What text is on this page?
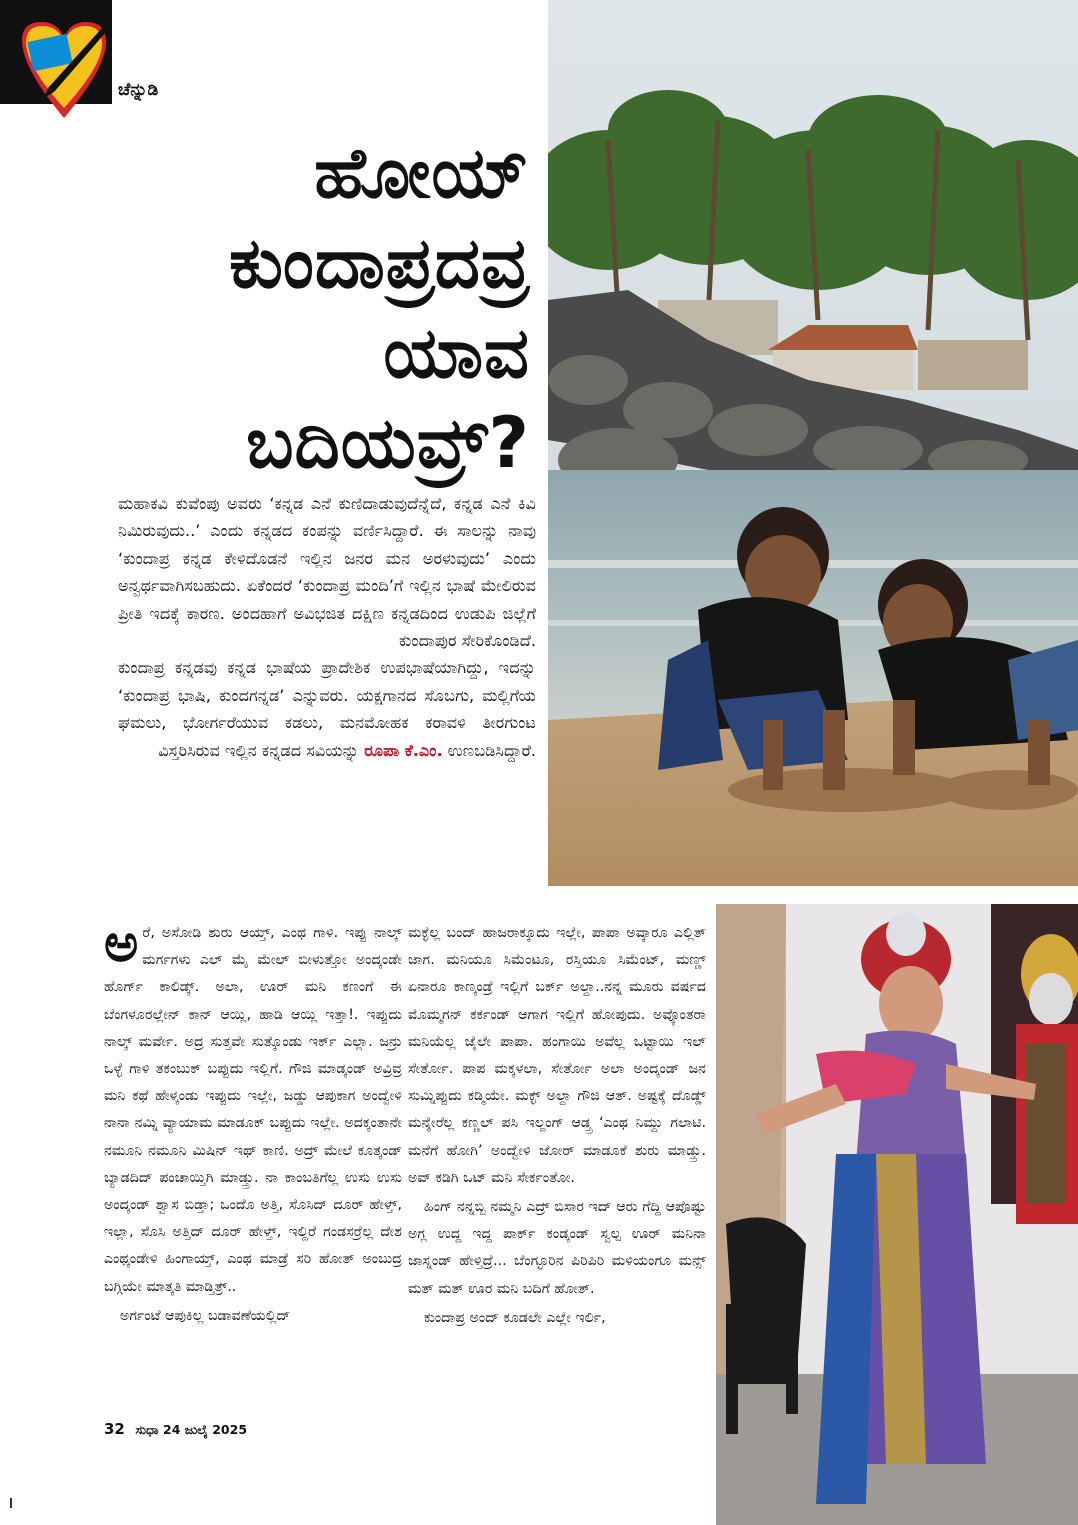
ಚೆನ್ನುಡಿ
ಹೋಯ್
ಕುಂದಾಪ್ರದವ್ರ
ಯಾವ
ಬದಿಯವ್ರ್?

ಮಹಾಕವಿ ಕುವೆಂಪು ಅವರು ‘ಕನ್ನಡ ಎನೆ ಕುಣಿದಾಡುವುದೆನ್ನೆದೆ, ಕನ್ನಡ ಎನೆ ಕಿವಿ ನಿಮಿರುವುದು..’ ಎಂದು ಕನ್ನಡದ ಕಂಪನ್ನು ವರ್ಣಿಸಿದ್ದಾರೆ. ಈ ಸಾಲನ್ನು ನಾವು ‘ಕುಂದಾಪ್ರ ಕನ್ನಡ ಕೇಳಿದೊಡನೆ ಇಲ್ಲಿನ ಜನರ ಮನ ಅರಳುವುದು’ ಎಂದು ಅನ್ವರ್ಥವಾಗಿಸಬಹುದು. ಏಕೆಂದರೆ ‘ಕುಂದಾಪ್ರ ಮಂದಿ’ಗೆ ಇಲ್ಲಿನ ಭಾಷೆ ಮೇಲಿರುವ ಪ್ರೀತಿ ಇದಕ್ಕೆ ಕಾರಣ. ಅಂದಹಾಗೆ ಅವಿಭಜಿತ ದಕ್ಷಿಣ ಕನ್ನಡದಿಂದ ಉಡುಪಿ ಜಿಲ್ಲೆಗೆ ಕುಂದಾಪುರ ಸೇರಿಕೊಂಡಿದೆ.

ಕುಂದಾಪ್ರ ಕನ್ನಡವು ಕನ್ನಡ ಭಾಷೆಯ ಪ್ರಾದೇಶಿಕ ಉಪಭಾಷೆಯಾಗಿದ್ದು, ಇದನ್ನು ‘ಕುಂದಾಪ್ರ ಭಾಷಿ, ಕುಂದಗನ್ನಡ’ ಎನ್ನುವರು. ಯಕ್ಷಗಾನದ ಸೊಬಗು, ಮಲ್ಲಿಗೆಯ ಘಮಲು, ಭೋರ್ಗರೆಯುವ ಕಡಲು, ಮನಮೋಹಕ ಕರಾವಳಿ ತೀರಗುಂಟ ವಿಸ್ತರಿಸಿರುವ ಇಲ್ಲಿನ ಕನ್ನಡದ ಸವಿಯನ್ನು ರೂಪಾ ಕೆ.ಎಂ. ಉಣಬಡಿಸಿದ್ದಾರೆ.

ಅರೆ, ಅಸೋಡಿ ಶುರು ಆಯ್ತ್, ಎಂಥ ಗಾಳಿ. ಇಪ್ಪು ನಾಲ್ಕ್ ಮರ್ಗಗಳು ಎಲ್ ಮೈ ಮೇಲ್ ಬೀಳುತ್ತೋ ಅಂದ್ಕಂಡೇ ಹೊರ್ಗ್ ಕಾಲಿಡ್ಕ್. ಅಲಾ, ಊರ್ ಮನಿ ಕಣಂಗೆ ಈ ಬೆಂಗಳೂರಲ್ಲೇನ್ ಕಾನ್ ಆಯ್ಲಿ, ಹಾಡಿ ಆಯ್ಲಿ ಇತ್ತಾ!. ಇಪ್ಪುದು ನಾಲ್ಕ್ ಮರ್ವೇ. ಅದ್ರ ಸುತ್ತವೇ ಸುತ್ಕೊಂಡು ಇರ್ಕ್ ಎಲ್ಲಾ. ಜನ್ರು ಒಳ್ಳೆ ಗಾಳಿ ತಕಂಬುಕ್ ಬಪ್ಪುದು ಇಲ್ಲಿಗೆ. ಗೌಜಿ ಮಾಡ್ಕಂಡ್ ಅವ್ರಿವ್ರ ಮನಿ ಕಥೆ ಹೇಳ್ಕಂಡು ಇಪ್ಪುದು ಇಲ್ಲೇ, ಜಡ್ಡು ಆಪುಕಾಗ ಅಂದ್ವೇಳಿ ನಾನಾ ನಮ್ನಿ ವ್ಯಾಯಾಮ ಮಾಡೂಕ್ ಬಪ್ಪುದು ಇಲ್ಲೇ. ಅದಕ್ಕಂತಾನೇ ನಮೂನಿ ನಮೂನಿ ಮಿಷಿನ್ ಇಥ್ ಕಾಣಿ. ಅದ್ರ್ ಮೇಲೆ ಕೂತ್ಕಂಡ್ ಬ್ಯಾಡದಿದ್ ಪಂಚಾಯ್ತಿಗಿ ಮಾಡ್ತ್ರು. ನಾ ಕಾಂಬತಿಗೆಲ್ಲ ಉಸು ಉಸು ಅಂದ್ಕಂಡ್ ಶ್ವಾಸ ಬಿಡ್ತಾ; ಒಂದೊ ಅತ್ತಿ, ಸೊಸಿದ್ ದೂರ್ ಹೇಳ್ತ್, ಇಲ್ಲಾ, ಸೊಸಿ ಅತ್ತಿದ್ ದೂರ್ ಹೇಳ್ತ್, ಇಲ್ದಿರೆ ಗಂಡಸರ್ರೆಲ್ಲ ದೇಶ ಎಂಥ್ಕಂಡೇಳಿ ಹಿಂಗಾಯ್ತ್, ಎಂಥ ಮಾಡ್ರೆ ಸರಿ ಹೋತ್ ಅಂಬುದ್ರ ಬಗ್ಗಿಯೇ ಮಾತ್ಕತಿ ಮಾಡ್ತಿತ್ರ್..

ಅರ್ಗಂಟೆ ಆಪುಕಿಲ್ಲ ಬಡಾವಣೆಯಲ್ಲಿದ್

ಮಕ್ಳೆಲ್ಲ ಬಂದ್ ಹಾಜರಾಕ್ಕೂದು ಇಲ್ಲೇ, ಪಾಪಾ ಅವ್ಕಾರೂ ಎಲ್ಲಿತ್ ಜಾಗ. ಮನಿಯೂ ಸಿಮೆಂಟೂ, ರಸ್ತಿಯೂ ಸಿಮೆಂಟ್, ಮಣ್ಣ್ ಏನಾರೂ ಕಾಣ್ಕಂಡ್ರೆ ಇಲ್ಲಿಗೆ ಬರ್ಕ್ ಅಲ್ದಾ..ನನ್ನ ಮೂರು ವರ್ಷದ ಮೊಮ್ಮಗನ್ ಕರ್ಕಂಡ್ ಆಗಾಗ ಇಲ್ಲಿಗೆ ಹೋಪುದು. ಅವ್ಕೊಂತರಾ ಮನಿಯೆಲ್ಲ ಜೈಲೇ ಪಾಪಾ. ಹಂಗಾಯಿ ಅವೆಲ್ಲ ಒಟ್ಟಾಯಿ ಇಲ್ ಸೇರ್ತೋ. ಪಾಪ ಮಕ್ಕಳಲಾ, ಸೇರ್ತೋ ಅಲಾ ಅಂದ್ಕಂಡ್ ಜನ ಸುಮ್ನಿಪ್ಪುದು ಕಡ್ಮಿಯೇ. ಮಕ್ಳ್ ಅಲ್ದಾ ಗೌಜಿ ಆತ್. ಅಷ್ಟಕ್ಕೆ ದೊಡ್ಡ್ ಮನ್ಶೇರೆಲ್ಲ ಕಣ್ಣಲ್ ಪಸಿ ಇಲ್ದಂಗ್ ಆಡ್ತ್ರ ‘ಎಂಥ ನಿಮ್ದು ಗಲಾಟಿ. ಮನೆಗೆ ಹೋಗಿ’ ಅಂದ್ವೇಳಿ ಜೋರ್ ಮಾಡೂಕೆ ಶುರು ಮಾಡ್ತ್ರು. ಅವ್ ಕಡಿಗಿ ಒಟ್ ಮನಿ ಸೇರ್ಕಂತೋ.

ಹಿಂಗ್ ನನ್ನಬ್ಬಿ ನಮ್ಮನಿ ಎದ್ರ್ ಬಿಸಾರ ಇದ್ ಆರು ಗೆದ್ದಿ ಆಪೊಷ್ಟು ಅಗ್ಲ ಉದ್ದ ಇದ್ದ ಪಾರ್ಕ್ ಕಂಡ್ಕಂಡ್ ಸ್ವಲ್ಪ ಊರ್ ಮನಿನಾ ಜಾಸ್ನಂಡ್ ಹೇಳ್ತಿದ್ರೆ... ಬೆಂಗ್ಳೂರಿನ ಪಿರಿಪಿರಿ ಮಳಿಯಂಗೂ ಮನ್ಸ್ ಮತ್ ಮತ್ ಊರ ಮನಿ ಬದಿಗೆ ಹೋತ್.

ಕುಂದಾಪ್ರ ಅಂದ್ ಕೂಡಲೇ ಎಲ್ಲೇ ಇರ್ಲಿ,

32 ಸುಧಾ 24 ಜುಲೈ 2025
